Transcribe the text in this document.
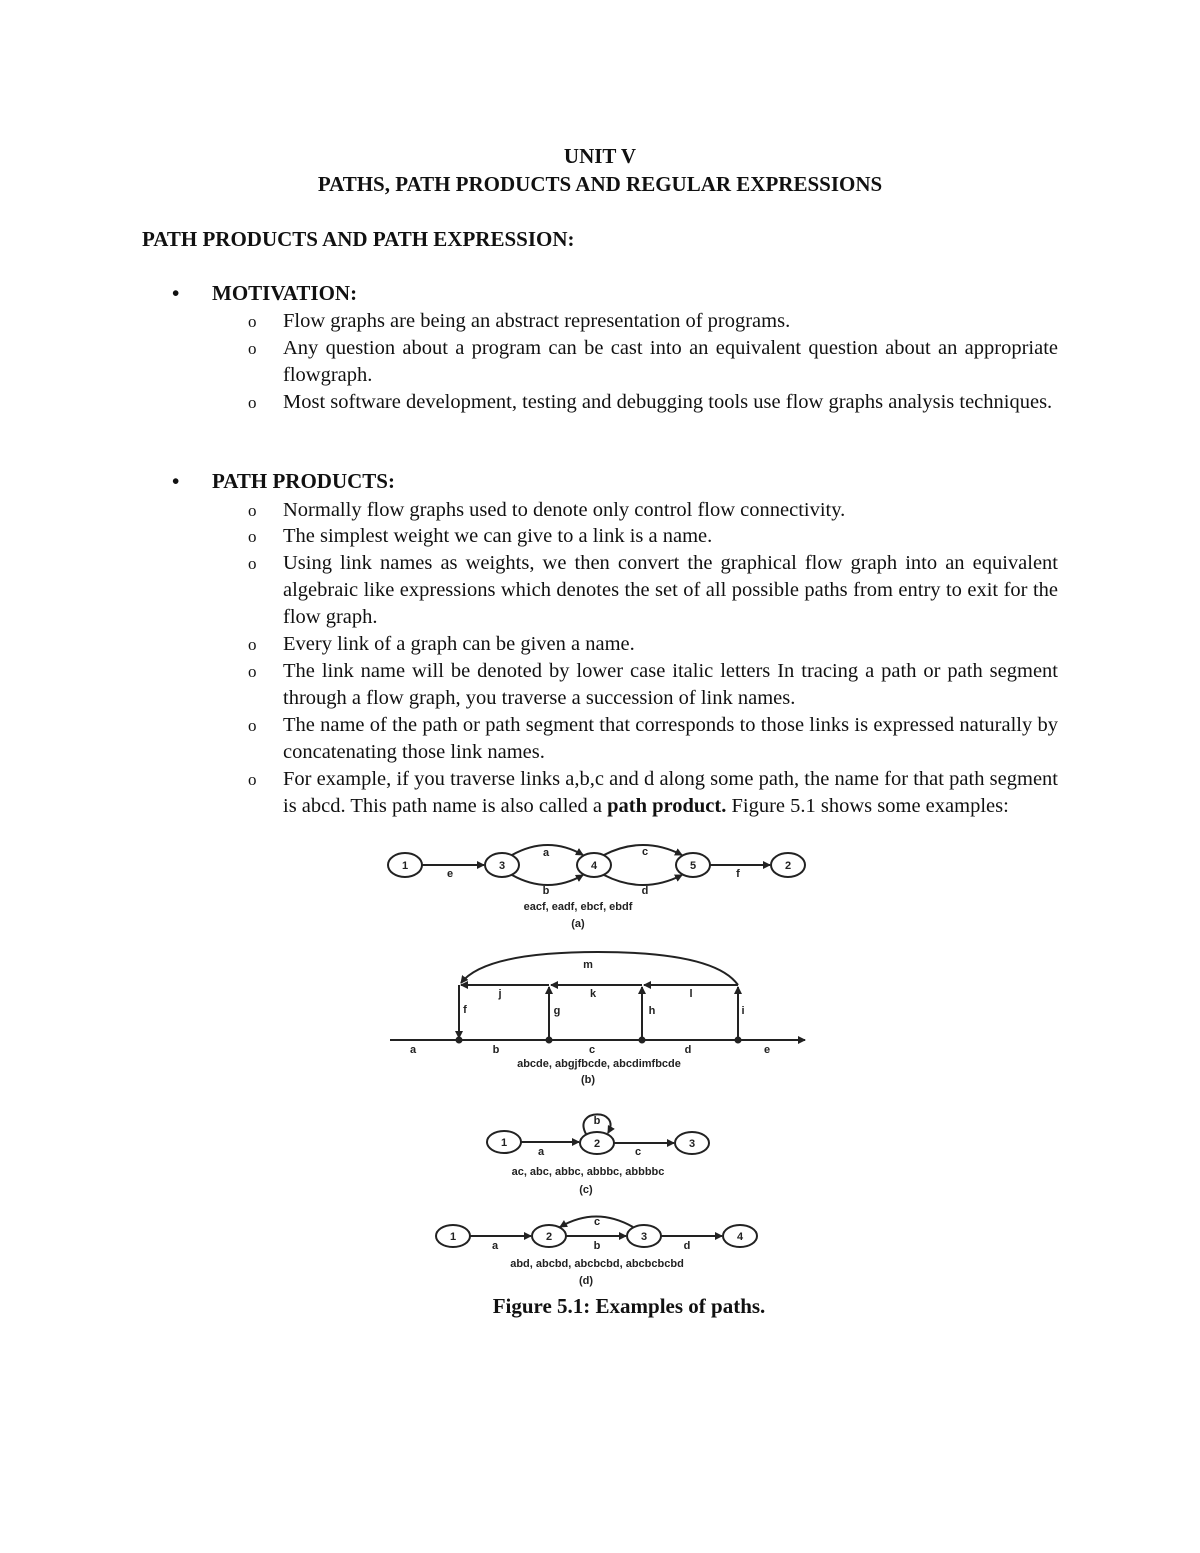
UNIT V
PATHS, PATH PRODUCTS AND REGULAR EXPRESSIONS
PATH PRODUCTS AND PATH EXPRESSION:
• MOTIVATION:
o Flow graphs are being an abstract representation of programs.
o Any question about a program can be cast into an equivalent question about an appropriate flowgraph.
o Most software development, testing and debugging tools use flow graphs analysis techniques.
• PATH PRODUCTS:
o Normally flow graphs used to denote only control flow connectivity.
o The simplest weight we can give to a link is a name.
o Using link names as weights, we then convert the graphical flow graph into an equivalent algebraic like expressions which denotes the set of all possible paths from entry to exit for the flow graph.
o Every link of a graph can be given a name.
o The link name will be denoted by lower case italic letters In tracing a path or path segment through a flow graph, you traverse a succession of link names.
o The name of the path or path segment that corresponds to those links is expressed naturally by concatenating those link names.
o For example, if you traverse links a,b,c and d along some path, the name for that path segment is abcd. This path name is also called a path product. Figure 5.1 shows some examples:
1	3	4	5	2
e
a
b
c
d
f
eacf, eadf, ebcf, ebdf
(a)
a	b	c	d	e
f	g	h	i
j	k	l
m
abcde, abgjfbcde, abcdimfbcde
(b)
1	2	3
a
b
c
ac, abc, abbc, abbbc, abbbbc
(c)
1	2	3	4
a	b
c
d
abd, abcbd, abcbcbd, abcbcbcbd
(d)
Figure 5.1: Examples of paths.
